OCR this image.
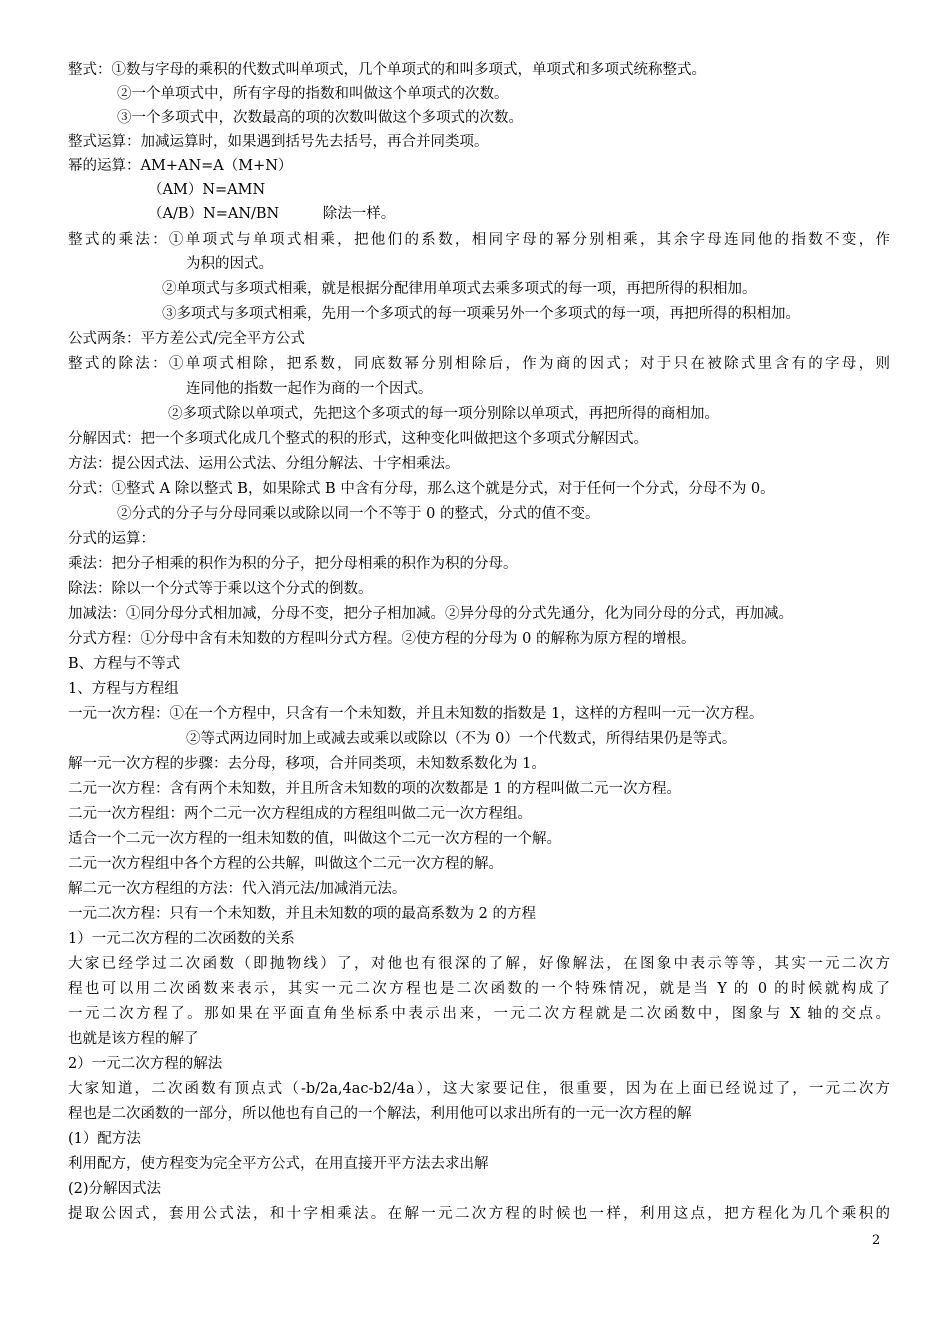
整式：①数与字母的乘积的代数式叫单项式，几个单项式的和叫多项式，单项式和多项式统称整式。
②一个单项式中，所有字母的指数和叫做这个单项式的次数。
③一个多项式中，次数最高的项的次数叫做这个多项式的次数。
整式运算：加减运算时，如果遇到括号先去括号，再合并同类项。
幂的运算：AM+AN=A（M+N）
（AM）N=AMN
（A/B）N=AN/BN　　　除法一样。
整式的乘法：①单项式与单项式相乘，把他们的系数，相同字母的幂分别相乘，其余字母连同他的指数不变，作
为积的因式。
②单项式与多项式相乘，就是根据分配律用单项式去乘多项式的每一项，再把所得的积相加。
③多项式与多项式相乘，先用一个多项式的每一项乘另外一个多项式的每一项，再把所得的积相加。
公式两条：平方差公式/完全平方公式
整式的除法：①单项式相除，把系数，同底数幂分别相除后，作为商的因式；对于只在被除式里含有的字母，则
连同他的指数一起作为商的一个因式。
②多项式除以单项式，先把这个多项式的每一项分别除以单项式，再把所得的商相加。
分解因式：把一个多项式化成几个整式的积的形式，这种变化叫做把这个多项式分解因式。
方法：提公因式法、运用公式法、分组分解法、十字相乘法。
分式：①整式 A 除以整式 B，如果除式 B 中含有分母，那么这个就是分式，对于任何一个分式，分母不为 0。
②分式的分子与分母同乘以或除以同一个不等于 0 的整式，分式的值不变。
分式的运算：
乘法：把分子相乘的积作为积的分子，把分母相乘的积作为积的分母。
除法：除以一个分式等于乘以这个分式的倒数。
加减法：①同分母分式相加减，分母不变，把分子相加减。②异分母的分式先通分，化为同分母的分式，再加减。
分式方程：①分母中含有未知数的方程叫分式方程。②使方程的分母为 0 的解称为原方程的增根。
B、方程与不等式
1、方程与方程组
一元一次方程：①在一个方程中，只含有一个未知数，并且未知数的指数是 1，这样的方程叫一元一次方程。
②等式两边同时加上或减去或乘以或除以（不为 0）一个代数式，所得结果仍是等式。
解一元一次方程的步骤：去分母，移项，合并同类项，未知数系数化为 1。
二元一次方程：含有两个未知数，并且所含未知数的项的次数都是 1 的方程叫做二元一次方程。
二元一次方程组：两个二元一次方程组成的方程组叫做二元一次方程组。
适合一个二元一次方程的一组未知数的值，叫做这个二元一次方程的一个解。
二元一次方程组中各个方程的公共解，叫做这个二元一次方程的解。
解二元一次方程组的方法：代入消元法/加减消元法。
一元二次方程：只有一个未知数，并且未知数的项的最高系数为 2 的方程
1）一元二次方程的二次函数的关系
大家已经学过二次函数（即抛物线）了，对他也有很深的了解，好像解法，在图象中表示等等，其实一元二次方
程也可以用二次函数来表示，其实一元二次方程也是二次函数的一个特殊情况，就是当 Y 的 0 的时候就构成了
一元二次方程了。那如果在平面直角坐标系中表示出来，一元二次方程就是二次函数中，图象与 X 轴的交点。
也就是该方程的解了
2）一元二次方程的解法
大家知道，二次函数有顶点式（-b/2a,4ac-b2/4a），这大家要记住，很重要，因为在上面已经说过了，一元二次方
程也是二次函数的一部分，所以他也有自己的一个解法，利用他可以求出所有的一元一次方程的解
(1）配方法
利用配方，使方程变为完全平方公式，在用直接开平方法去求出解
(2)分解因式法
提取公因式，套用公式法，和十字相乘法。在解一元二次方程的时候也一样，利用这点，把方程化为几个乘积的
2
